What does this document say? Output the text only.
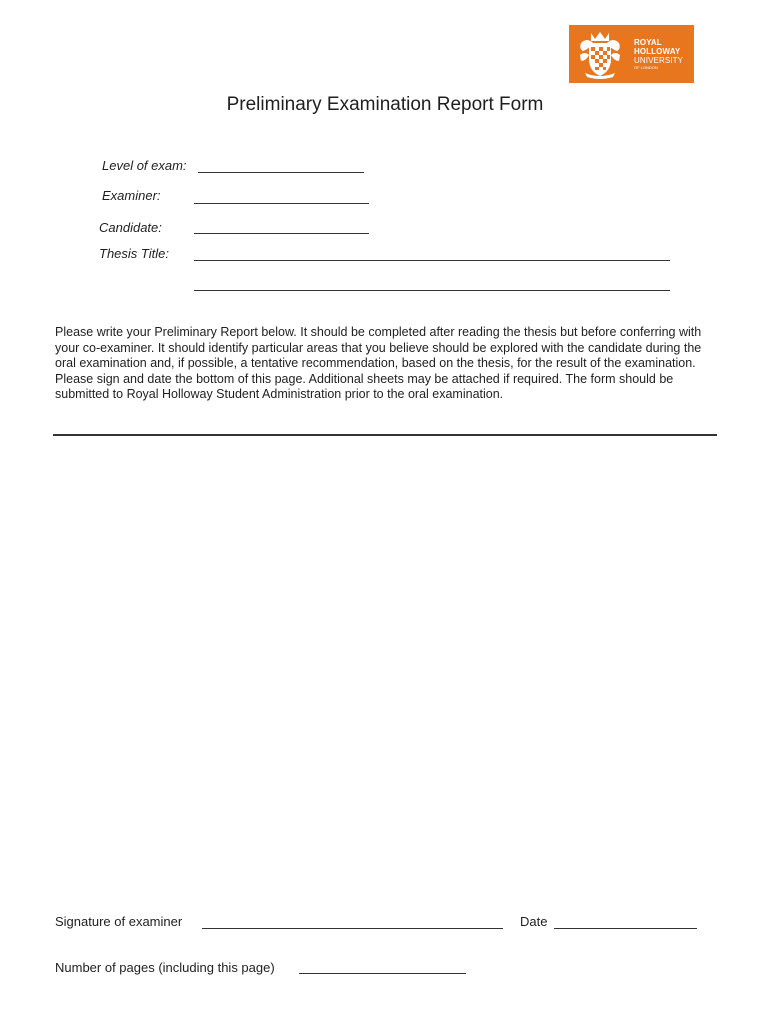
ROYAL
HOLLOWAY
UNIVERSITY
OF LONDON
Preliminary Examination Report Form
Level of exam:
Examiner:
Candidate:
Thesis Title:

Please write your Preliminary Report below. It should be completed after reading the thesis but before conferring with your co-examiner. It should identify particular areas that you believe should be explored with the candidate during the oral examination and, if possible, a tentative recommendation, based on the thesis, for the result of the examination. Please sign and date the bottom of this page. Additional sheets may be attached if required. The form should be submitted to Royal Holloway Student Administration prior to the oral examination.

Signature of examiner	Date
Number of pages (including this page)
